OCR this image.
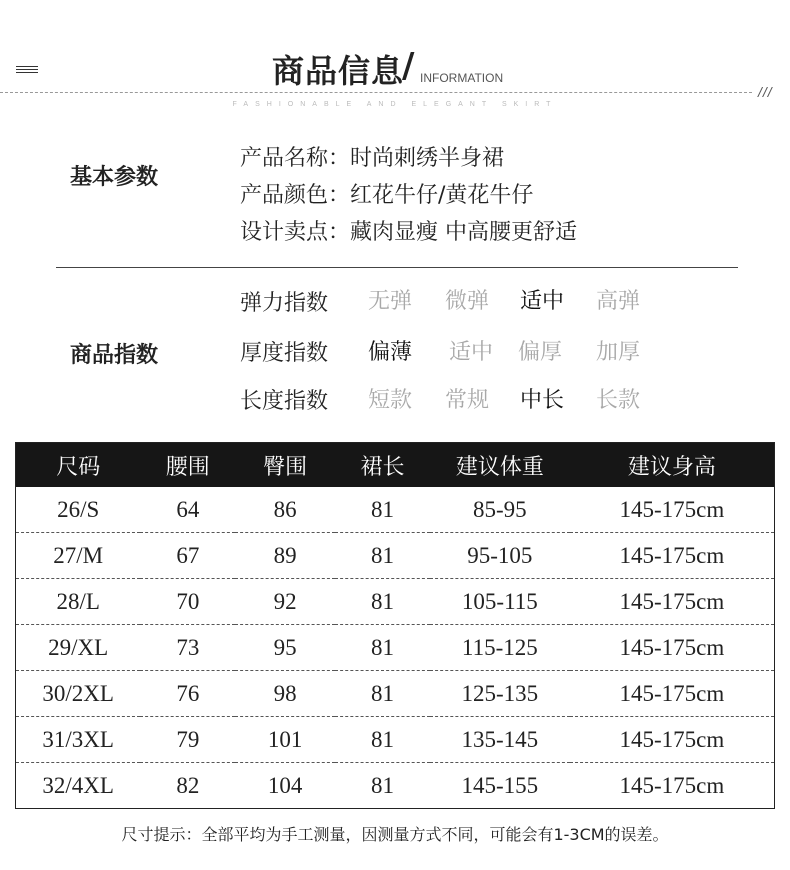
商品信息
/ INFORMATION
///
FASHIONABLE AND ELEGANT SKIRT
基本参数
产品名称：时尚刺绣半身裙
产品颜色：红花牛仔/黄花牛仔
设计卖点：藏肉显瘦 中高腰更舒适
商品指数
弹力指数 无弹 微弹 适中 高弹
厚度指数 偏薄 适中 偏厚 加厚
长度指数 短款 常规 中长 长款
尺码	腰围	臀围	裙长	建议体重	建议身高
26/S	64	86	81	85-95	145-175cm
27/M	67	89	81	95-105	145-175cm
28/L	70	92	81	105-115	145-175cm
29/XL	73	95	81	115-125	145-175cm
30/2XL	76	98	81	125-135	145-175cm
31/3XL	79	101	81	135-145	145-175cm
32/4XL	82	104	81	145-155	145-175cm
尺寸提示：全部平均为手工测量，因测量方式不同，可能会有1-3CM的误差。
